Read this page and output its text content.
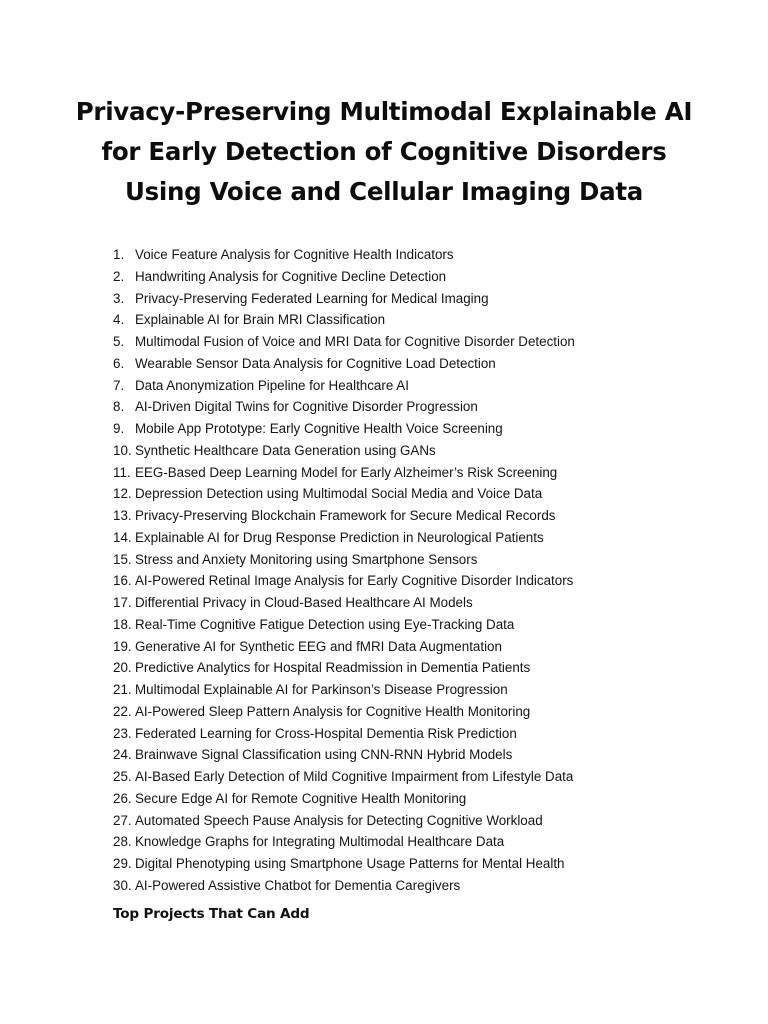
Privacy-Preserving Multimodal Explainable AI for Early Detection of Cognitive Disorders Using Voice and Cellular Imaging Data
1. Voice Feature Analysis for Cognitive Health Indicators
2. Handwriting Analysis for Cognitive Decline Detection
3. Privacy-Preserving Federated Learning for Medical Imaging
4. Explainable AI for Brain MRI Classification
5. Multimodal Fusion of Voice and MRI Data for Cognitive Disorder Detection
6. Wearable Sensor Data Analysis for Cognitive Load Detection
7. Data Anonymization Pipeline for Healthcare AI
8. AI-Driven Digital Twins for Cognitive Disorder Progression
9. Mobile App Prototype: Early Cognitive Health Voice Screening
10. Synthetic Healthcare Data Generation using GANs
11. EEG-Based Deep Learning Model for Early Alzheimer’s Risk Screening
12. Depression Detection using Multimodal Social Media and Voice Data
13. Privacy-Preserving Blockchain Framework for Secure Medical Records
14. Explainable AI for Drug Response Prediction in Neurological Patients
15. Stress and Anxiety Monitoring using Smartphone Sensors
16. AI-Powered Retinal Image Analysis for Early Cognitive Disorder Indicators
17. Differential Privacy in Cloud-Based Healthcare AI Models
18. Real-Time Cognitive Fatigue Detection using Eye-Tracking Data
19. Generative AI for Synthetic EEG and fMRI Data Augmentation
20. Predictive Analytics for Hospital Readmission in Dementia Patients
21. Multimodal Explainable AI for Parkinson’s Disease Progression
22. AI-Powered Sleep Pattern Analysis for Cognitive Health Monitoring
23. Federated Learning for Cross-Hospital Dementia Risk Prediction
24. Brainwave Signal Classification using CNN-RNN Hybrid Models
25. AI-Based Early Detection of Mild Cognitive Impairment from Lifestyle Data
26. Secure Edge AI for Remote Cognitive Health Monitoring
27. Automated Speech Pause Analysis for Detecting Cognitive Workload
28. Knowledge Graphs for Integrating Multimodal Healthcare Data
29. Digital Phenotyping using Smartphone Usage Patterns for Mental Health
30. AI-Powered Assistive Chatbot for Dementia Caregivers
Top Projects That Can Add
